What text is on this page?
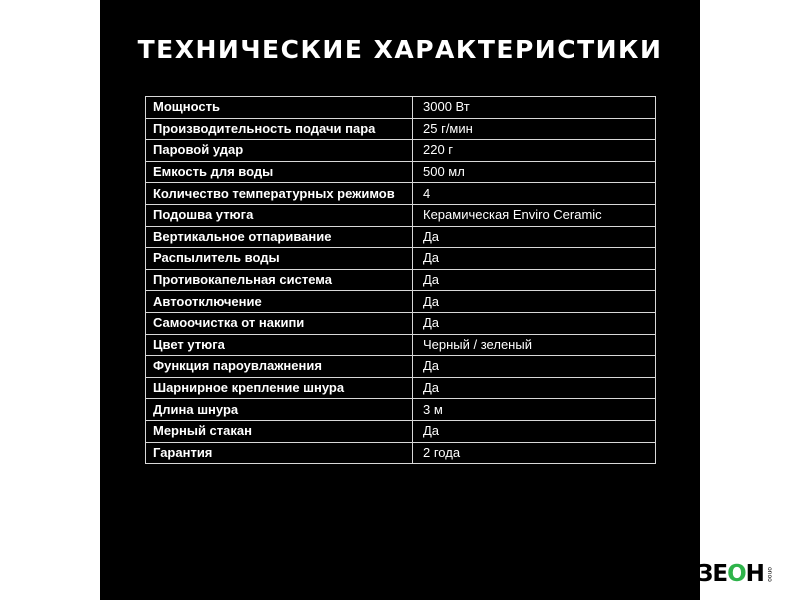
ТЕХНИЧЕСКИЕ ХАРАКТЕРИСТИКИ
Мощность	3000 Вт
Производительность подачи пара	25 г/мин
Паровой удар	220 г
Емкость для воды	500 мл
Количество температурных режимов	4
Подошва утюга	Керамическая Enviro Ceramic
Вертикальное отпаривание	Да
Распылитель воды	Да
Противокапельная система	Да
Автоотключение	Да
Самоочистка от накипи	Да
Цвет утюга	Черный / зеленый
Функция пароувлажнения	Да
Шарнирное крепление шнура	Да
Длина шнура	3 м
Мерный стакан	Да
Гарантия	2 года
ЗЕОН onoo
